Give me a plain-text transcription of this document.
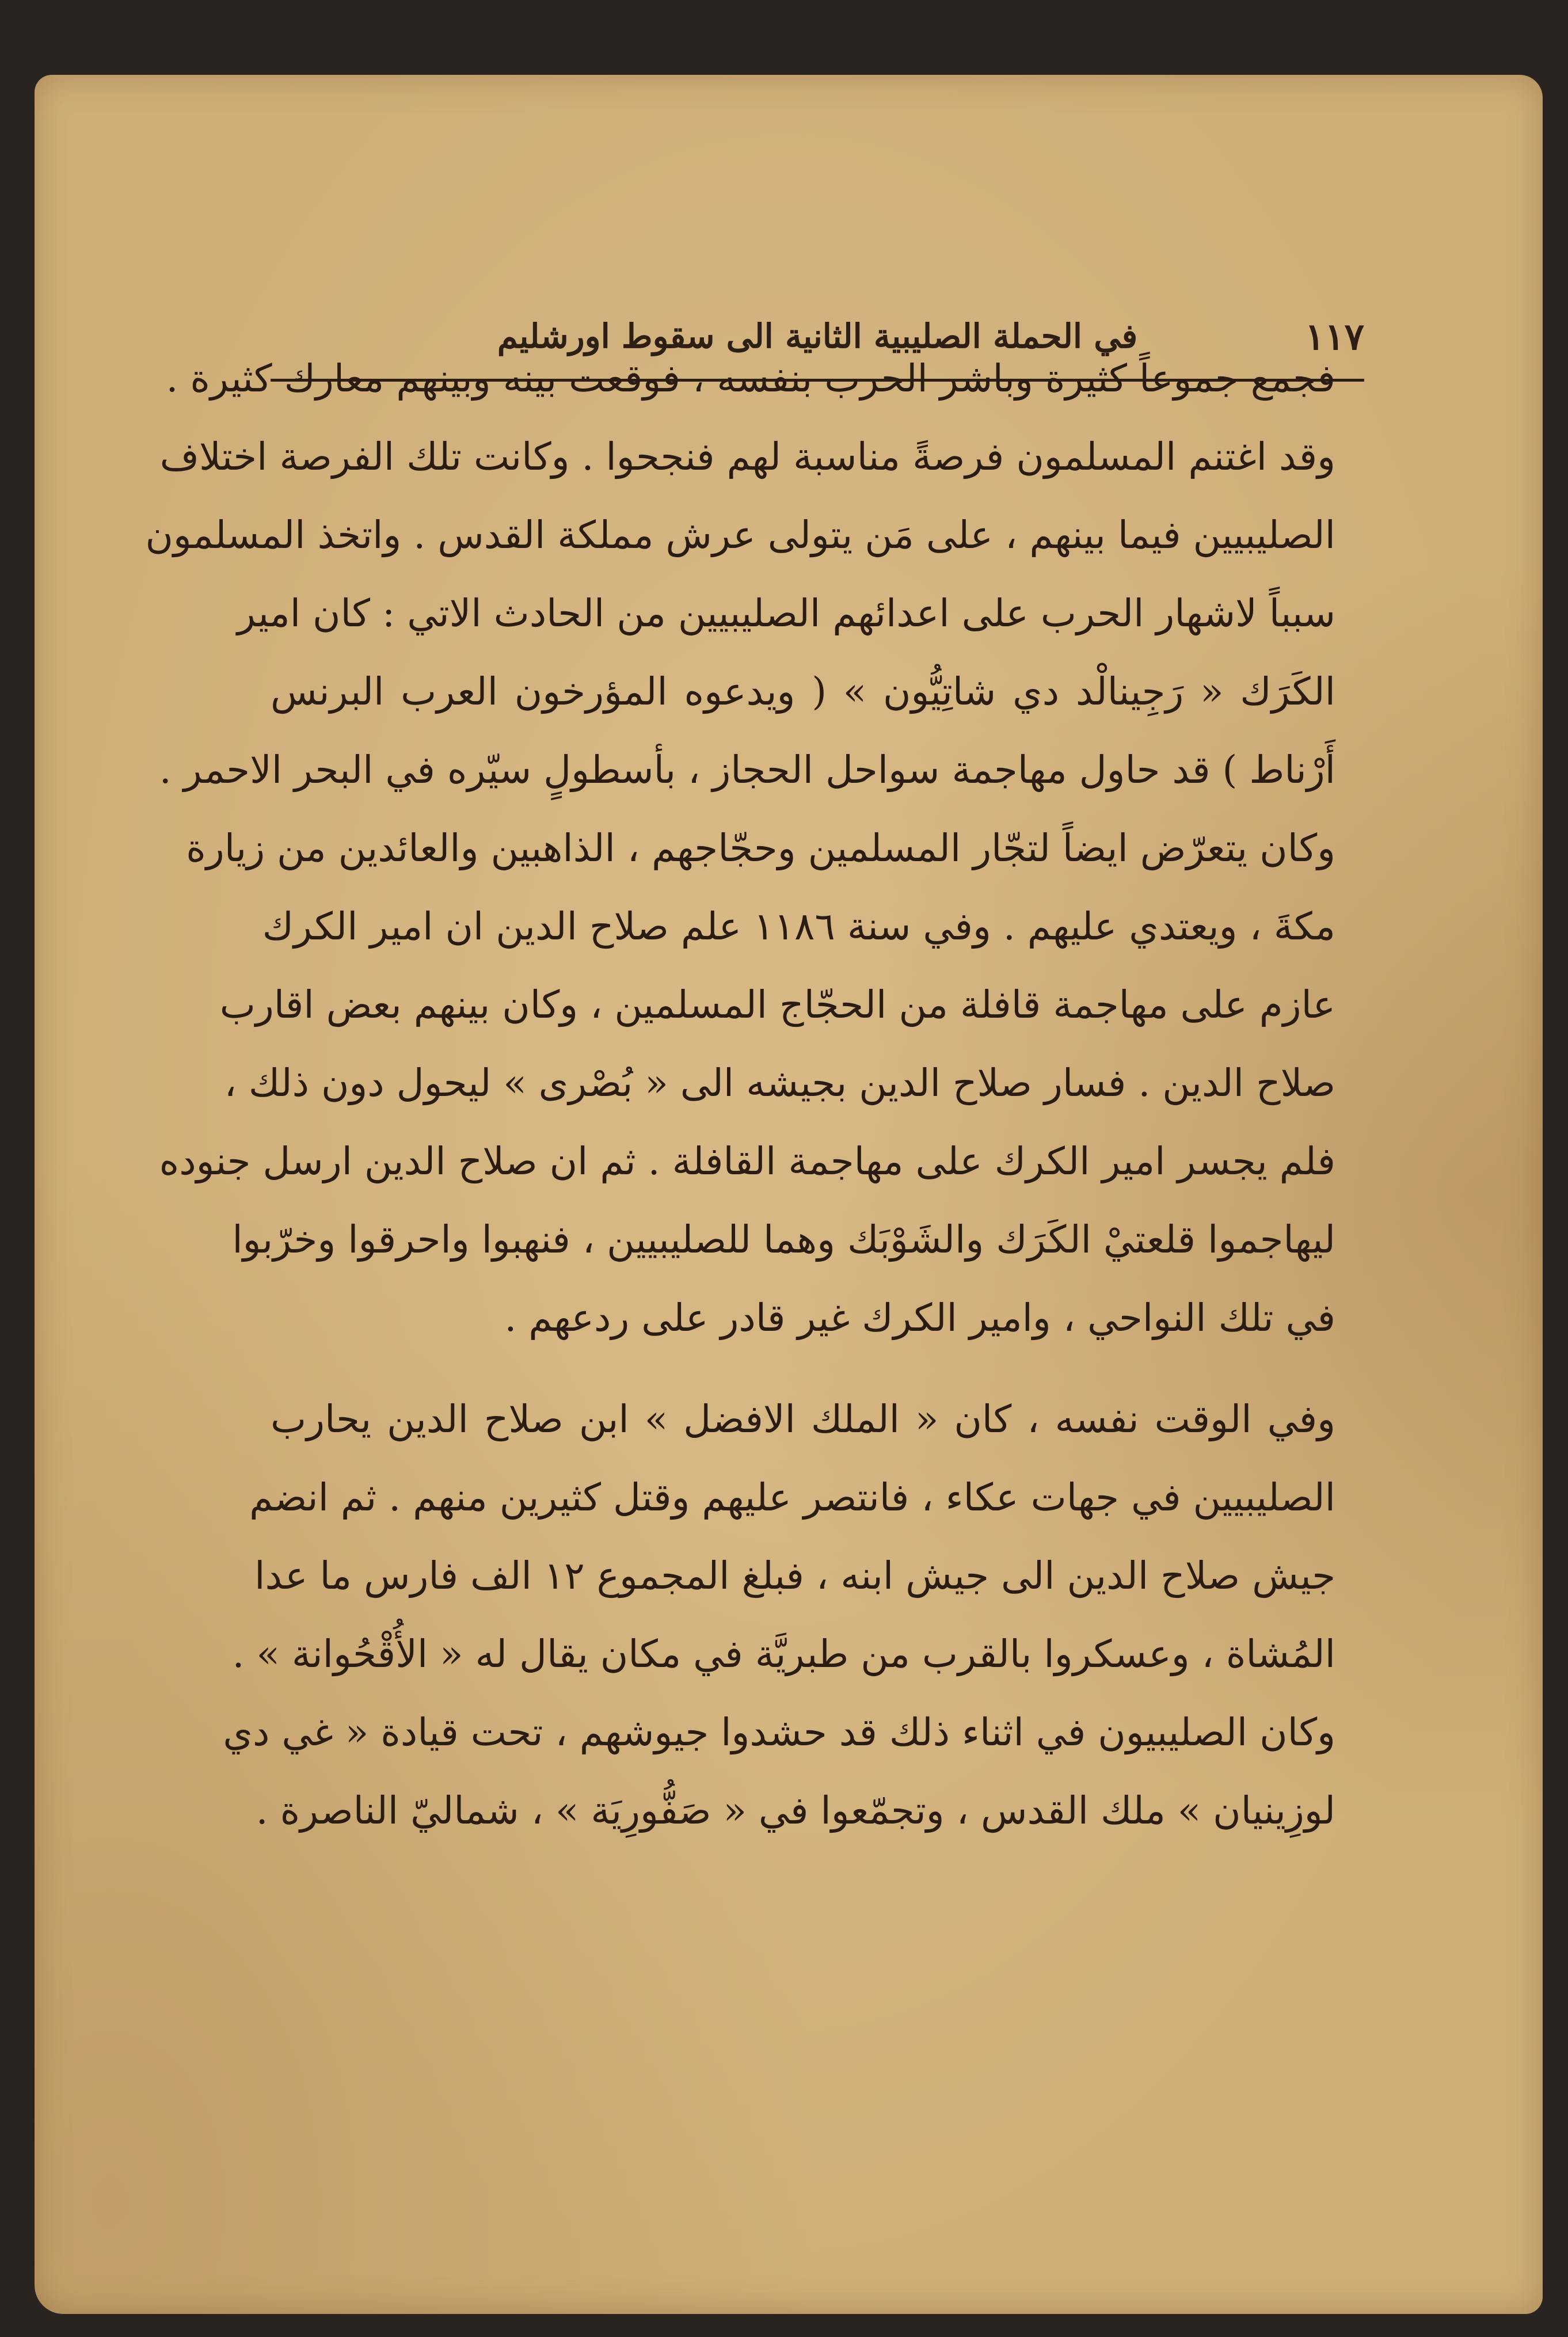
في الحملة الصليبية الثانية الى سقوط اورشليم	١١٧
فجمع جموعاً كثيرة وباشر الحرب بنفسه ، فوقعت بينه وبينهم معارك كثيرة .
وقد اغتنم المسلمون فرصةً مناسبة لهم فنجحوا . وكانت تلك الفرصة اختلاف
الصليبيين فيما بينهم ، على مَن يتولى عرش مملكة القدس . واتخذ المسلمون
سبباً لاشهار الحرب على اعدائهم الصليبيين من الحادث الاتي : كان امير
الكَرَك « رَجِينالْد دي شاتِيُّون » ( ويدعوه المؤرخون العرب البرنس
أَرْناط ) قد حاول مهاجمة سواحل الحجاز ، بأسطولٍ سيّره في البحر الاحمر .
وكان يتعرّض ايضاً لتجّار المسلمين وحجّاجهم ، الذاهبين والعائدين من زيارة
مكةَ ، ويعتدي عليهم . وفي سنة ١١٨٦ علم صلاح الدين ان امير الكرك
عازم على مهاجمة قافلة من الحجّاج المسلمين ، وكان بينهم بعض اقارب
صلاح الدين . فسار صلاح الدين بجيشه الى « بُصْرى » ليحول دون ذلك ،
فلم يجسر امير الكرك على مهاجمة القافلة . ثم ان صلاح الدين ارسل جنوده
ليهاجموا قلعتيْ الكَرَك والشَوْبَك وهما للصليبيين ، فنهبوا واحرقوا وخرّبوا
في تلك النواحي ، وامير الكرك غير قادر على ردعهم .
وفي الوقت نفسه ، كان « الملك الافضل » ابن صلاح الدين يحارب
الصليبيين في جهات عكاء ، فانتصر عليهم وقتل كثيرين منهم . ثم انضم
جيش صلاح الدين الى جيش ابنه ، فبلغ المجموع ١٢ الف فارس ما عدا
المُشاة ، وعسكروا بالقرب من طبريَّة في مكان يقال له « الأُقْحُوانة » .
وكان الصليبيون في اثناء ذلك قد حشدوا جيوشهم ، تحت قيادة « غي دي
لوزِينيان » ملك القدس ، وتجمّعوا في « صَفُّورِيَة » ، شماليّ الناصرة .
